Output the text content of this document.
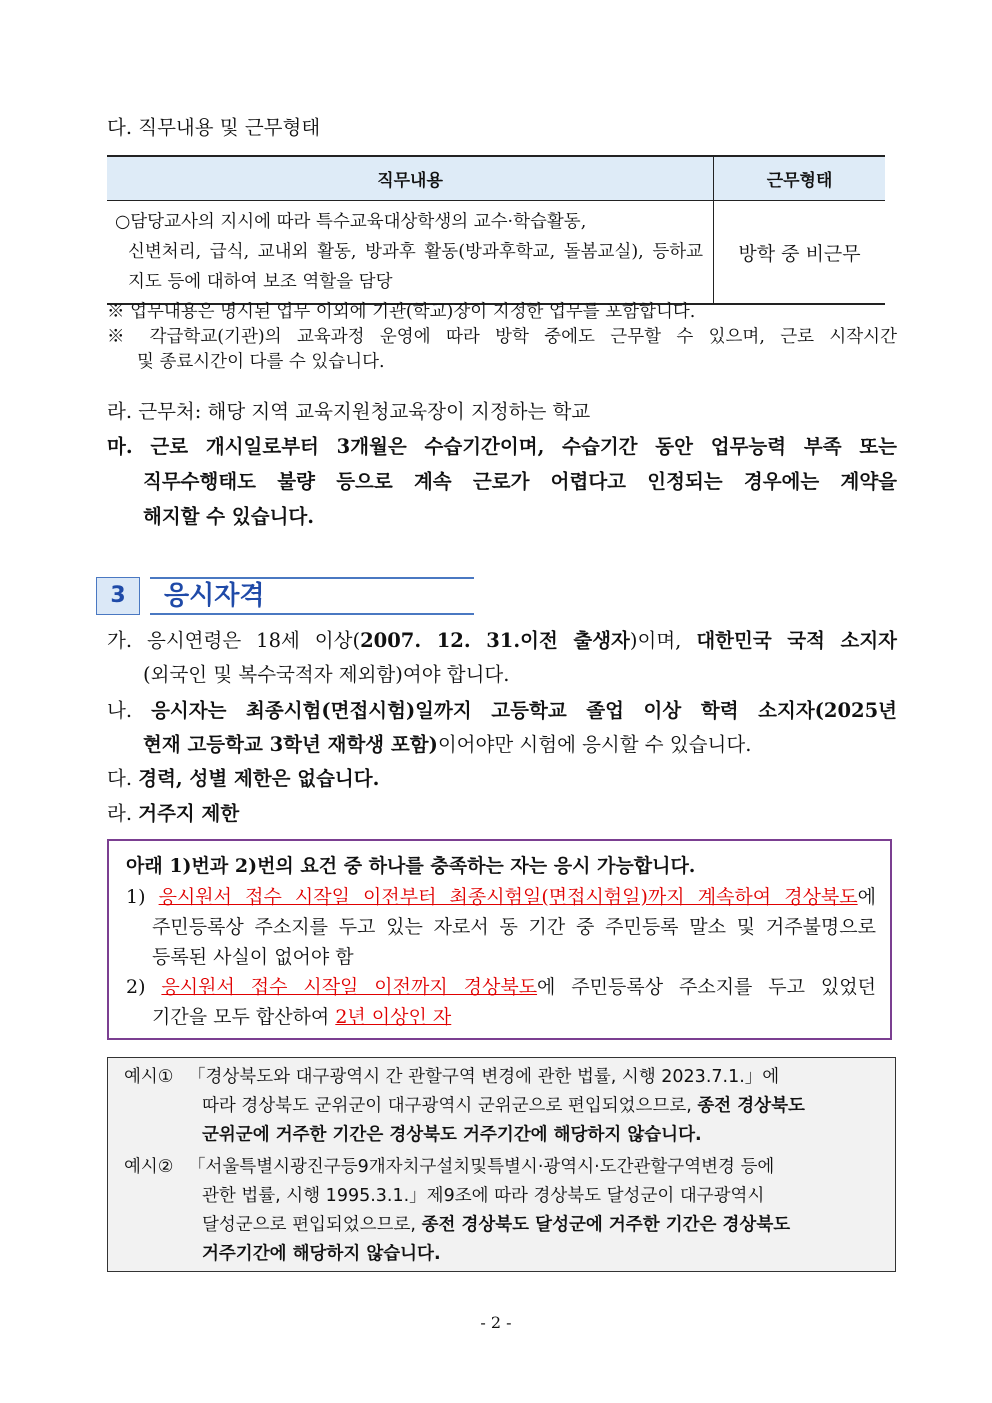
다. 직무내용 및 근무형태
직무내용	근무형태

○담당교사의 지시에 따라 특수교육대상학생의 교수·학습활동,
신변처리, 급식, 교내외 활동, 방과후 활동(방과후학교, 돌봄교실), 등하교
지도 등에 대하여 보조 역할을 담당	방학 중 비근무
※ 업무내용은 명시된 업무 이외에 기관(학교)장이 지정한 업무를 포함합니다.
※ 각급학교(기관)의 교육과정 운영에 따라 방학 중에도 근무할 수 있으며, 근로 시작시간
및 종료시간이 다를 수 있습니다.
라. 근무처: 해당 지역 교육지원청교육장이 지정하는 학교
마. 근로 개시일로부터 3개월은 수습기간이며, 수습기간 동안 업무능력 부족 또는
직무수행태도 불량 등으로 계속 근로가 어렵다고 인정되는 경우에는 계약을
해지할 수 있습니다.
3	응시자격
가. 응시연령은 18세 이상(2007. 12. 31.이전 출생자)이며, 대한민국 국적 소지자
(외국인 및 복수국적자 제외함)여야 합니다.
나. 응시자는 최종시험(면접시험)일까지 고등학교 졸업 이상 학력 소지자(2025년
현재 고등학교 3학년 재학생 포함)이어야만 시험에 응시할 수 있습니다.
다. 경력, 성별 제한은 없습니다.
라. 거주지 제한
아래 1)번과 2)번의 요건 중 하나를 충족하는 자는 응시 가능합니다.
1) 응시원서 접수 시작일 이전부터 최종시험일(면접시험일)까지 계속하여 경상북도에
주민등록상 주소지를 두고 있는 자로서 동 기간 중 주민등록 말소 및 거주불명으로
등록된 사실이 없어야 함
2) 응시원서 접수 시작일 이전까지 경상북도에 주민등록상 주소지를 두고 있었던
기간을 모두 합산하여 2년 이상인 자
예시① 「경상북도와 대구광역시 간 관할구역 변경에 관한 법률, 시행 2023.7.1.」에
따라 경상북도 군위군이 대구광역시 군위군으로 편입되었으므로, 종전 경상북도
군위군에 거주한 기간은 경상북도 거주기간에 해당하지 않습니다.
예시② 「서울특별시광진구등9개자치구설치및특별시·광역시·도간관할구역변경 등에
관한 법률, 시행 1995.3.1.」제9조에 따라 경상북도 달성군이 대구광역시
달성군으로 편입되었으므로, 종전 경상북도 달성군에 거주한 기간은 경상북도
거주기간에 해당하지 않습니다.
- 2 -
